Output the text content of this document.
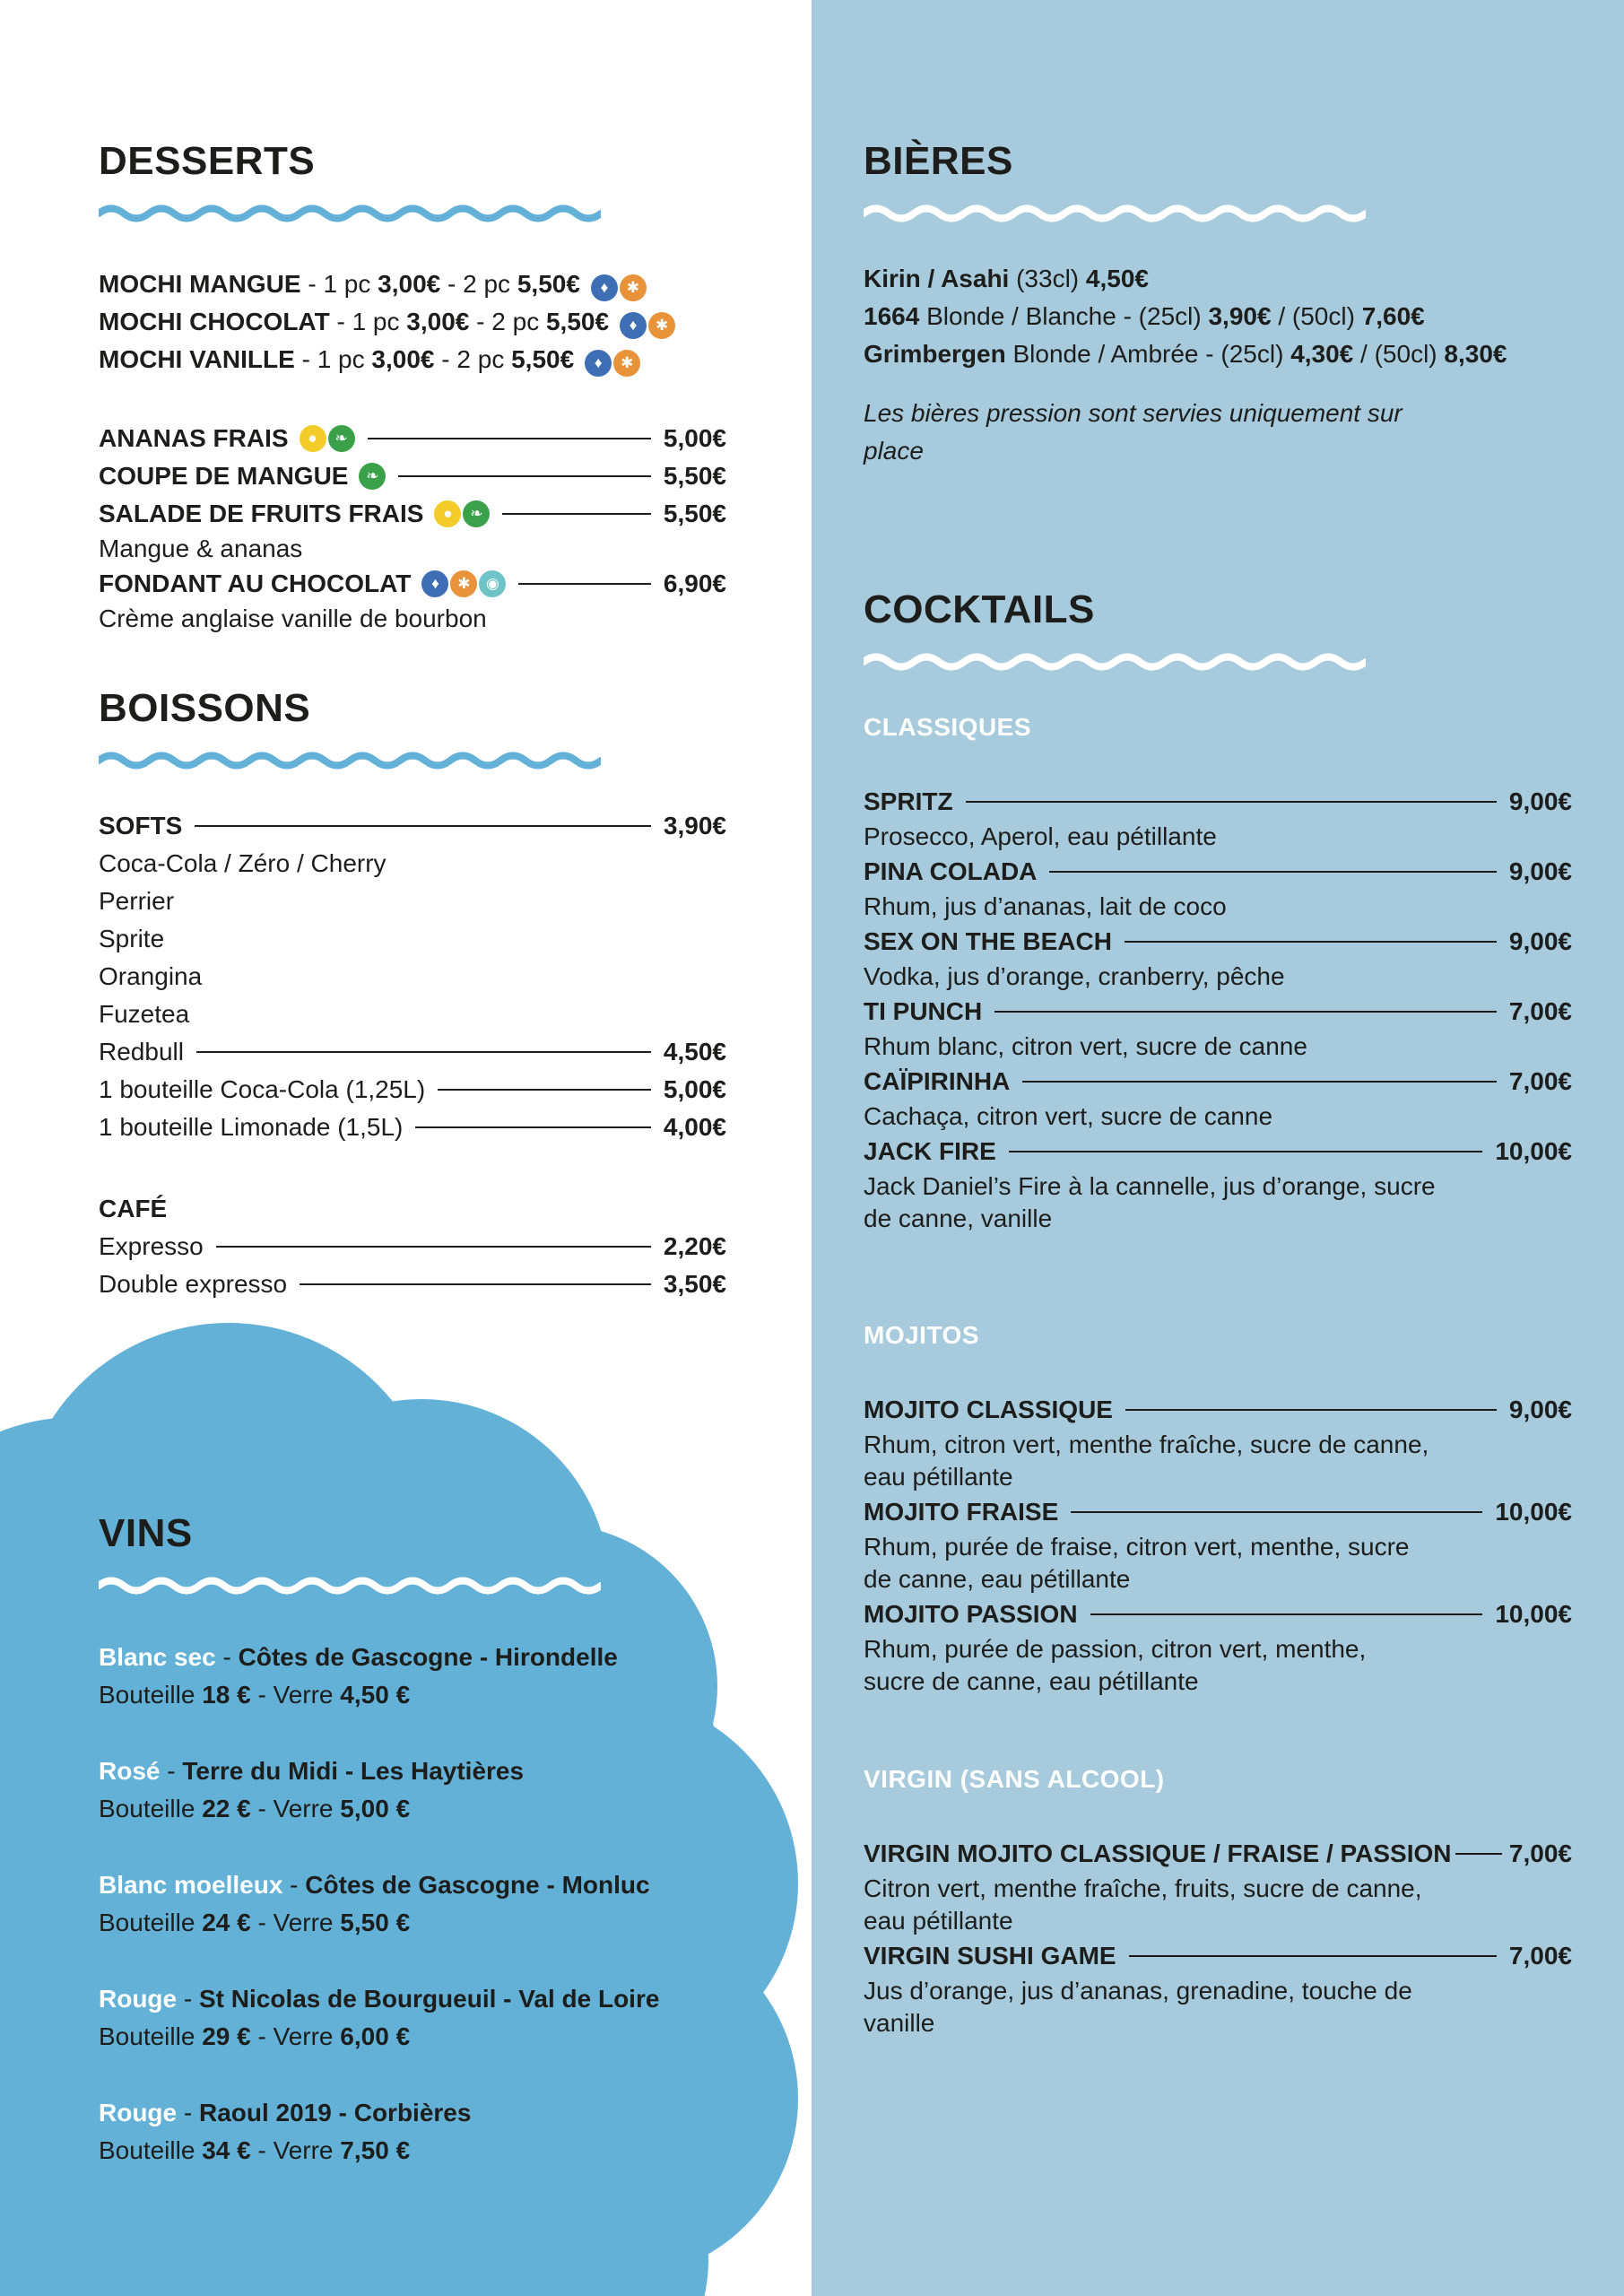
DESSERTS
MOCHI MANGUE - 1 pc 3,00€ - 2 pc 5,50€	♦	✱
MOCHI CHOCOLAT - 1 pc 3,00€ - 2 pc 5,50€	♦	✱
MOCHI VANILLE - 1 pc 3,00€ - 2 pc 5,50€	♦	✱
ANANAS FRAIS	●	❧	5,00€
COUPE DE MANGUE	❧	5,50€
SALADE DE FRUITS FRAIS	●	❧	5,50€
Mangue & ananas
FONDANT AU CHOCOLAT	♦	✱	◉	6,90€
Crème anglaise vanille de bourbon
BOISSONS
SOFTS	3,90€
Coca-Cola / Zéro / Cherry
Perrier
Sprite
Orangina
Fuzetea
Redbull	4,50€
1 bouteille Coca-Cola (1,25L)	5,00€
1 bouteille Limonade (1,5L)	4,00€
CAFÉ
Expresso	2,20€
Double expresso	3,50€
VINS
Blanc sec - Côtes de Gascogne - Hirondelle
Bouteille 18 € - Verre 4,50 €
Rosé - Terre du Midi - Les Haytières
Bouteille 22 € - Verre 5,00 €
Blanc moelleux - Côtes de Gascogne - Monluc
Bouteille 24 € - Verre 5,50 €
Rouge - St Nicolas de Bourgueuil - Val de Loire
Bouteille 29 € - Verre 6,00 €
Rouge - Raoul 2019 - Corbières
Bouteille 34 € - Verre 7,50 €
BIÈRES
Kirin / Asahi (33cl) 4,50€
1664 Blonde / Blanche - (25cl) 3,90€ / (50cl) 7,60€
Grimbergen Blonde / Ambrée - (25cl) 4,30€ / (50cl) 8,30€
Les bières pression sont servies uniquement sur
place
COCKTAILS
CLASSIQUES
SPRITZ	9,00€
Prosecco, Aperol, eau pétillante
PINA COLADA	9,00€
Rhum, jus d’ananas, lait de coco
SEX ON THE BEACH	9,00€
Vodka, jus d’orange, cranberry, pêche
TI PUNCH	7,00€
Rhum blanc, citron vert, sucre de canne
CAÏPIRINHA	7,00€
Cachaça, citron vert, sucre de canne
JACK FIRE	10,00€
Jack Daniel’s Fire à la cannelle, jus d’orange, sucre
de canne, vanille
MOJITOS
MOJITO CLASSIQUE	9,00€
Rhum, citron vert, menthe fraîche, sucre de canne,
eau pétillante
MOJITO FRAISE	10,00€
Rhum, purée de fraise, citron vert, menthe, sucre
de canne, eau pétillante
MOJITO PASSION	10,00€
Rhum, purée de passion, citron vert, menthe,
sucre de canne, eau pétillante
VIRGIN (SANS ALCOOL)
VIRGIN MOJITO CLASSIQUE / FRAISE / PASSION 7,00€
Citron vert, menthe fraîche, fruits, sucre de canne,
eau pétillante
VIRGIN SUSHI GAME	7,00€
Jus d’orange, jus d’ananas, grenadine, touche de
vanille
